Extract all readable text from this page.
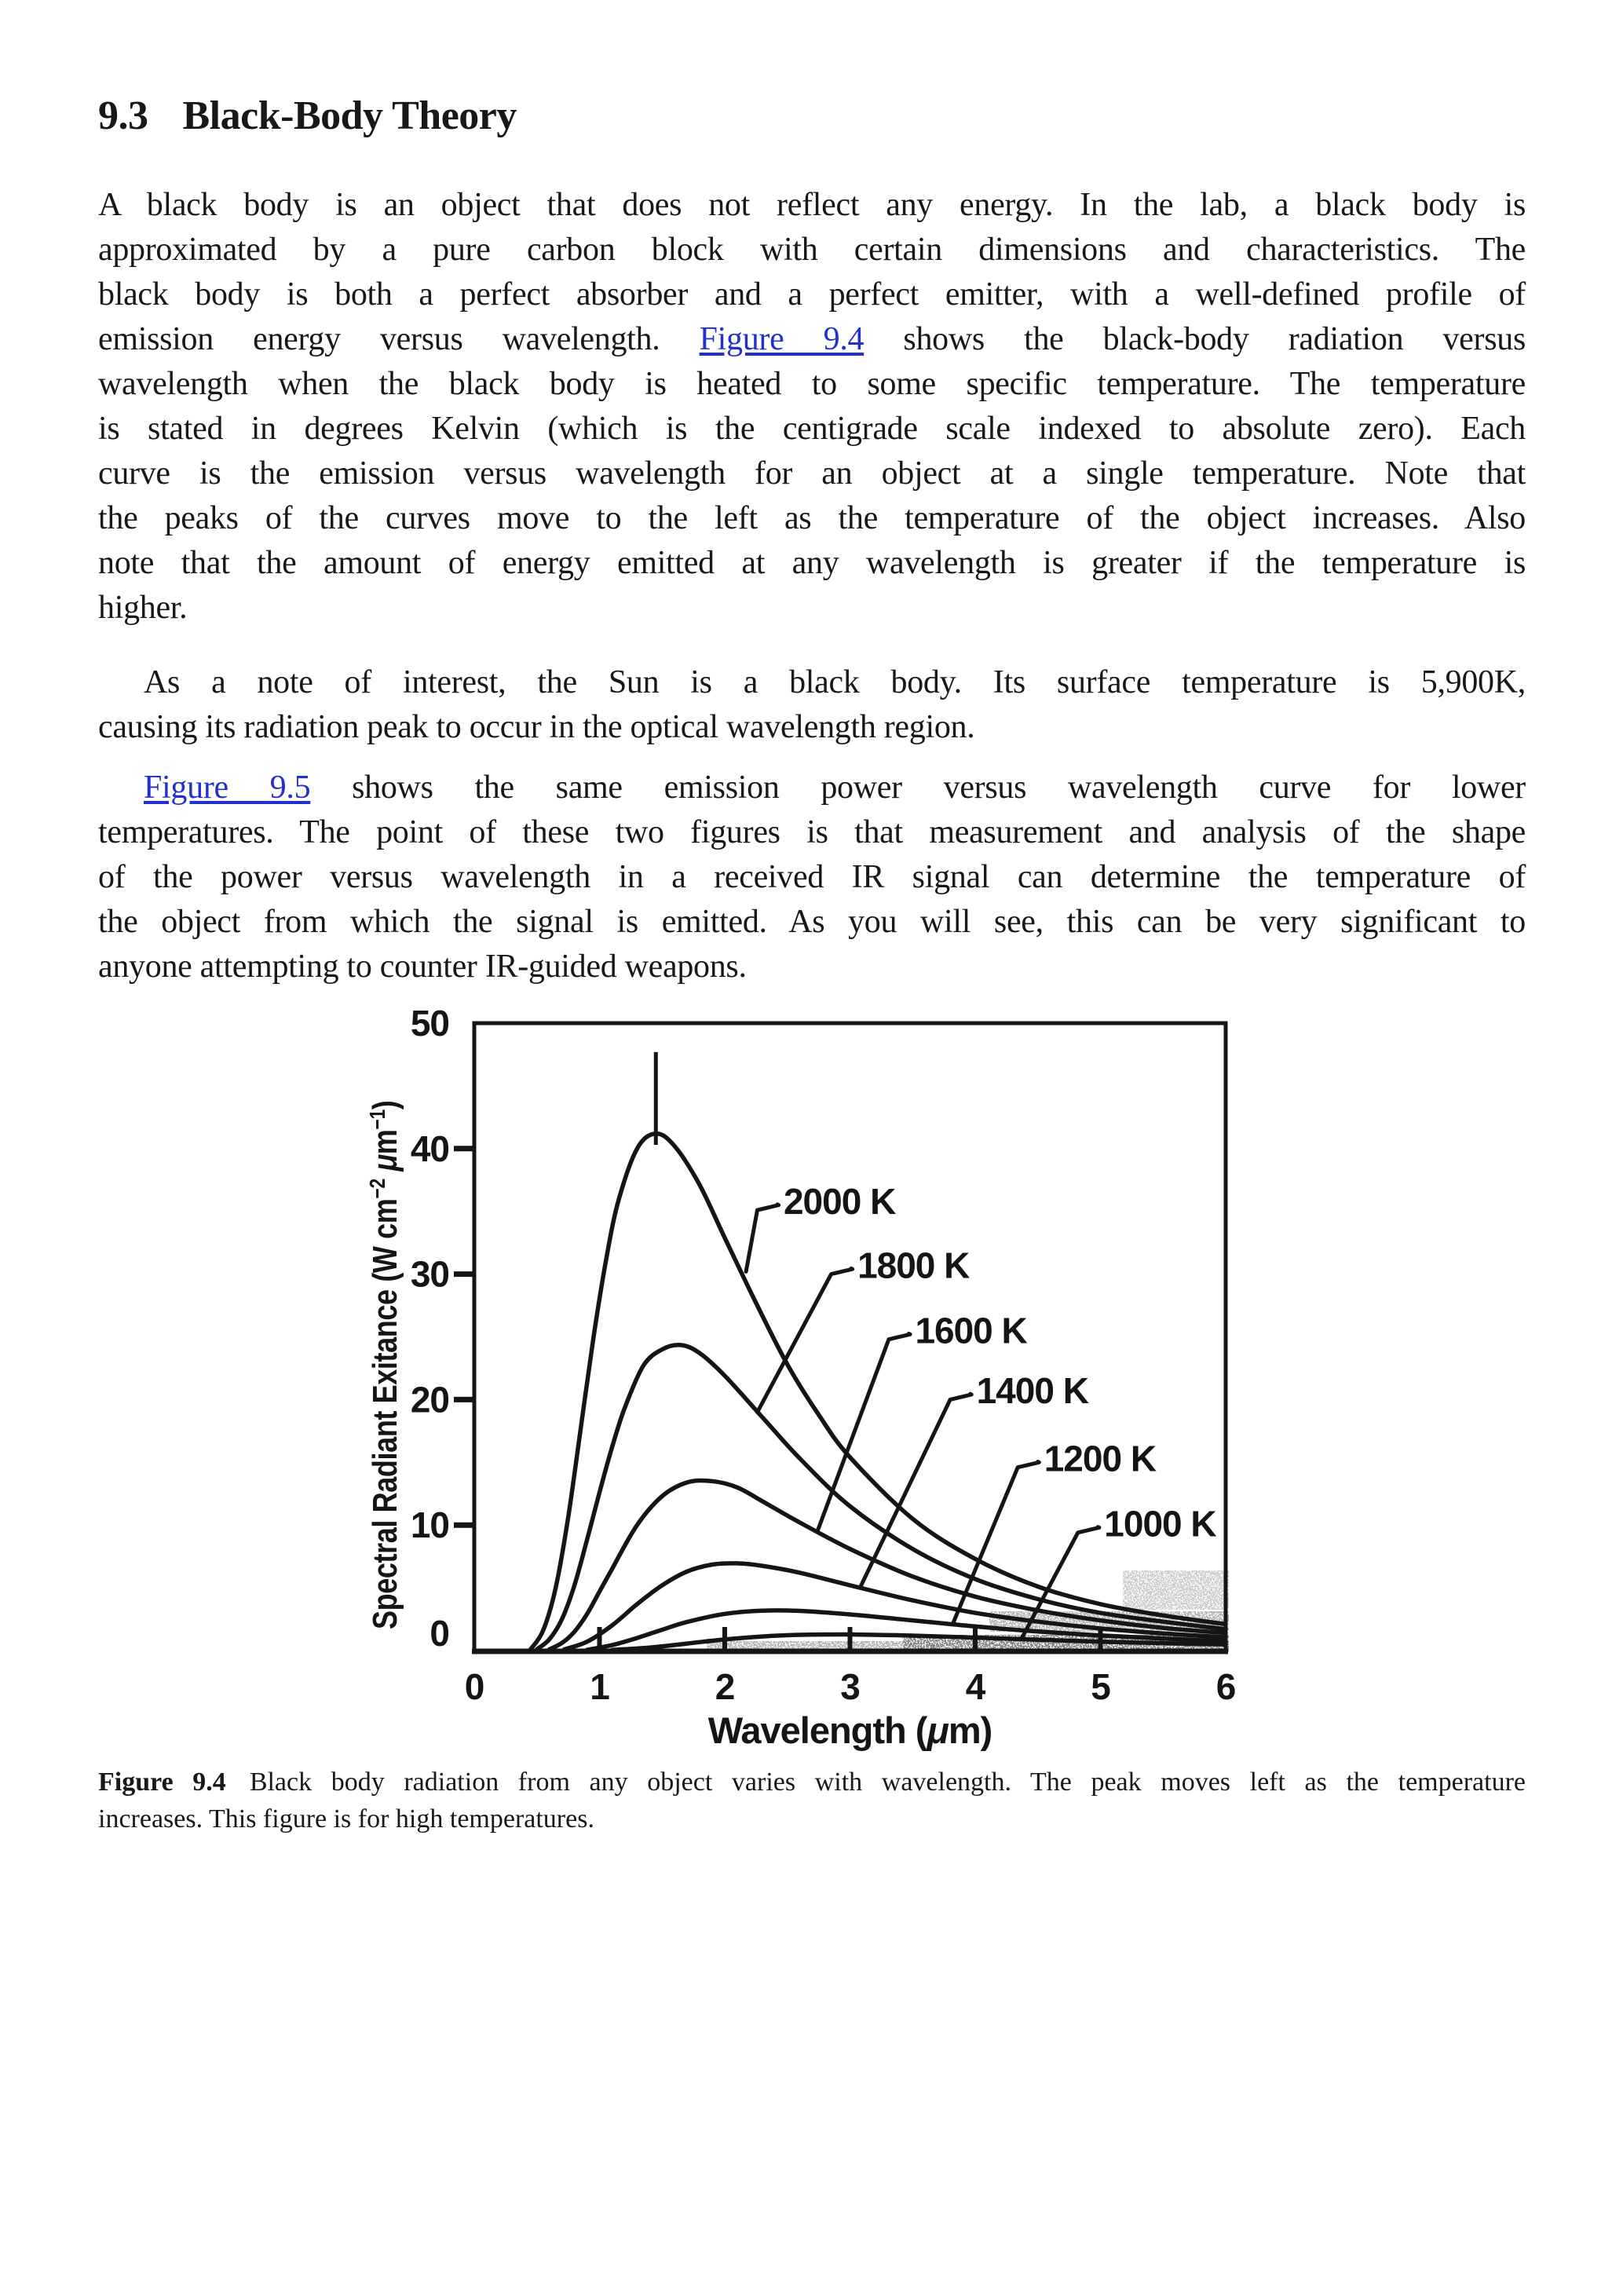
9.3 Black-Body Theory
A black body is an object that does not reflect any energy. In the lab, a black body is
approximated by a pure carbon block with certain dimensions and characteristics. The
black body is both a perfect absorber and a perfect emitter, with a well-defined profile of
emission energy versus wavelength. Figure 9.4 shows the black-body radiation versus
wavelength when the black body is heated to some specific temperature. The temperature
is stated in degrees Kelvin (which is the centigrade scale indexed to absolute zero). Each
curve is the emission versus wavelength for an object at a single temperature. Note that
the peaks of the curves move to the left as the temperature of the object increases. Also
note that the amount of energy emitted at any wavelength is greater if the temperature is
higher.
As a note of interest, the Sun is a black body. Its surface temperature is 5,900K,
causing its radiation peak to occur in the optical wavelength region.
Figure 9.5 shows the same emission power versus wavelength curve for lower
temperatures. The point of these two figures is that measurement and analysis of the shape
of the power versus wavelength in a received IR signal can determine the temperature of
the object from which the signal is emitted. As you will see, this can be very significant to
anyone attempting to counter IR-guided weapons.
0
10
20
30
40
50
0	1	2	3	4	5	6
Wavelength (μm)
Spectral Radiant Exitance (W $cm^{-2}$ $\mu m^{-1}$)
2000 K
1800 K
1600 K
1400 K
1200 K
1000 K
Figure 9.4 Black body radiation from any object varies with wavelength. The peak moves left as the temperature
increases. This figure is for high temperatures.
